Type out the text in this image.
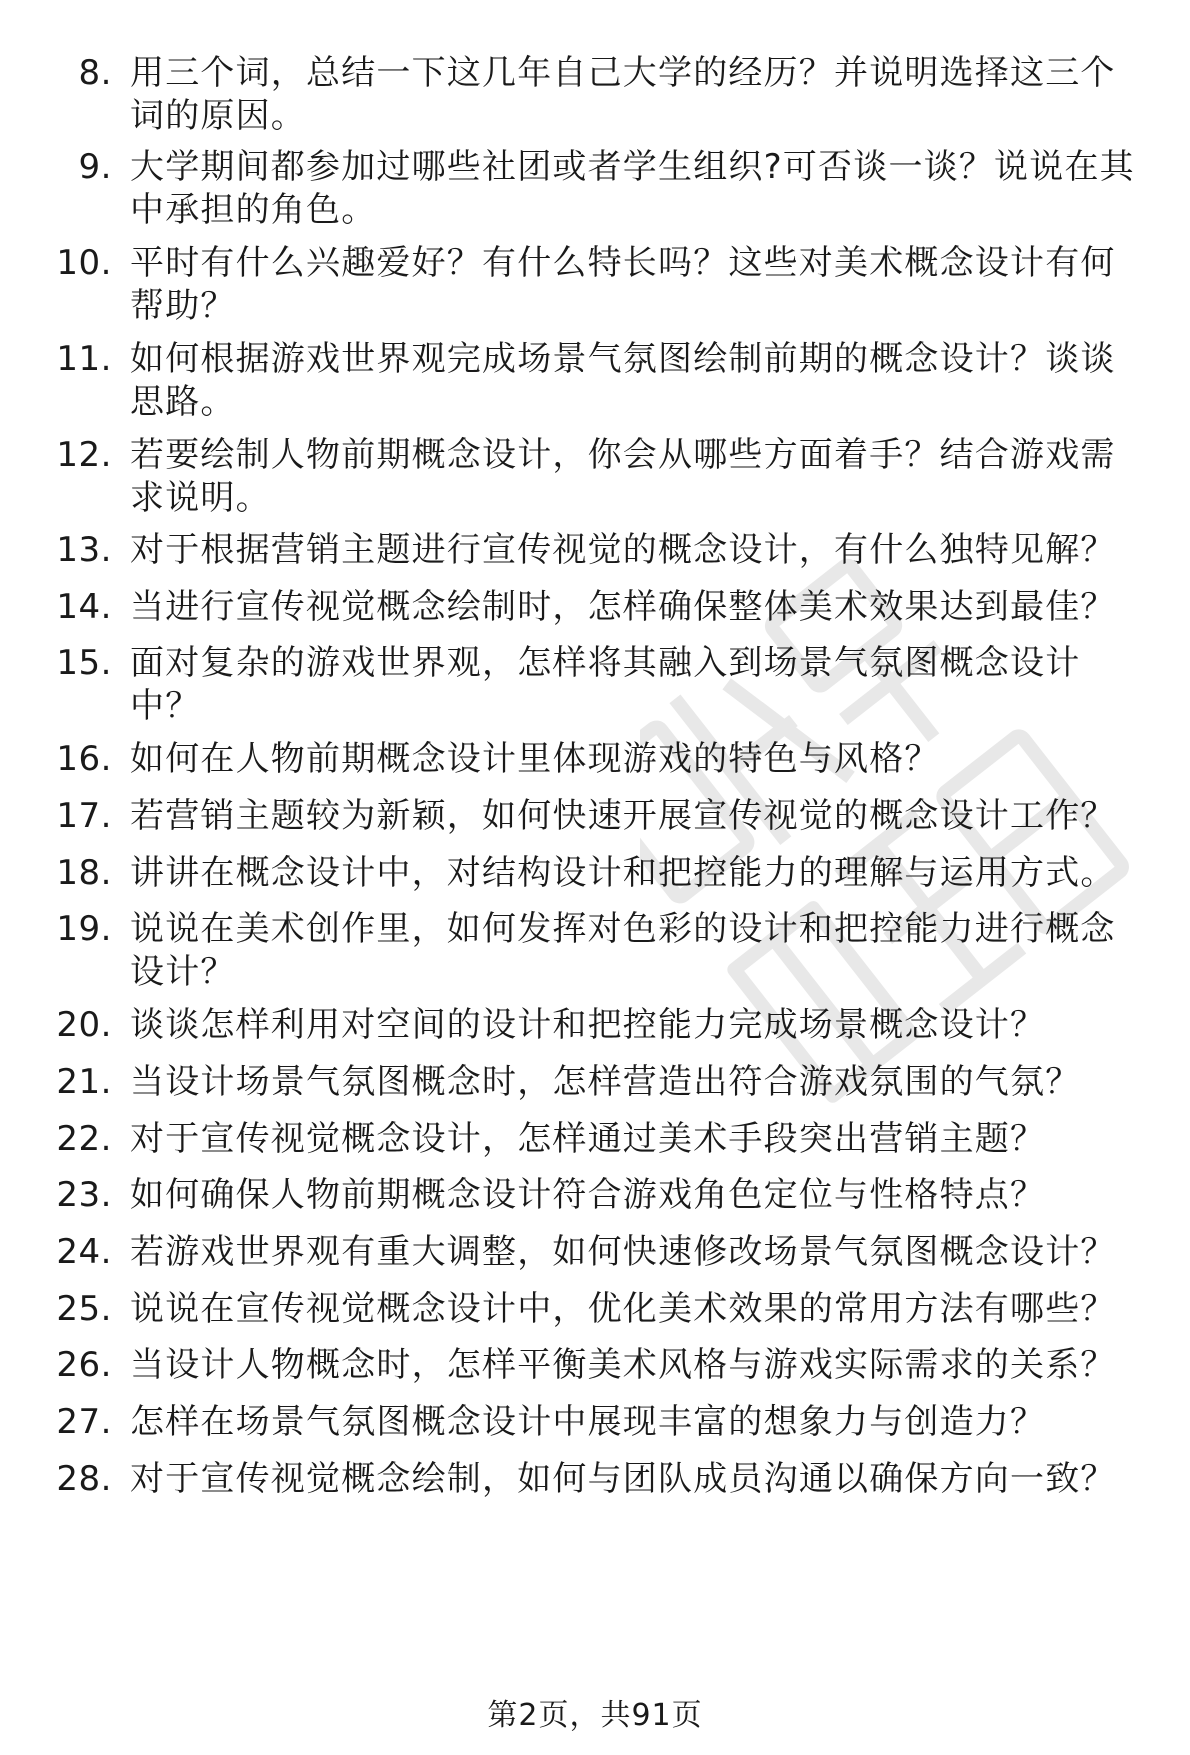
8. 用三个词，总结一下这几年自己大学的经历？并说明选择这三个
词的原因。
9. 大学期间都参加过哪些社团或者学生组织?可否谈一谈？说说在其
中承担的角色。
10. 平时有什么兴趣爱好？有什么特长吗？这些对美术概念设计有何
帮助？
11. 如何根据游戏世界观完成场景气氛图绘制前期的概念设计？谈谈
思路。
12. 若要绘制人物前期概念设计，你会从哪些方面着手？结合游戏需
求说明。
13. 对于根据营销主题进行宣传视觉的概念设计，有什么独特见解？
14. 当进行宣传视觉概念绘制时，怎样确保整体美术效果达到最佳？
15. 面对复杂的游戏世界观，怎样将其融入到场景气氛图概念设计
中？
16. 如何在人物前期概念设计里体现游戏的特色与风格？
17. 若营销主题较为新颖，如何快速开展宣传视觉的概念设计工作？
18. 讲讲在概念设计中，对结构设计和把控能力的理解与运用方式。
19. 说说在美术创作里，如何发挥对色彩的设计和把控能力进行概念
设计？
20. 谈谈怎样利用对空间的设计和把控能力完成场景概念设计？
21. 当设计场景气氛图概念时，怎样营造出符合游戏氛围的气氛？
22. 对于宣传视觉概念设计，怎样通过美术手段突出营销主题？
23. 如何确保人物前期概念设计符合游戏角色定位与性格特点？
24. 若游戏世界观有重大调整，如何快速修改场景气氛图概念设计？
25. 说说在宣传视觉概念设计中，优化美术效果的常用方法有哪些？
26. 当设计人物概念时，怎样平衡美术风格与游戏实际需求的关系？
27. 怎样在场景气氛图概念设计中展现丰富的想象力与创造力？
28. 对于宣传视觉概念绘制，如何与团队成员沟通以确保方向一致？
第2页，共91页
